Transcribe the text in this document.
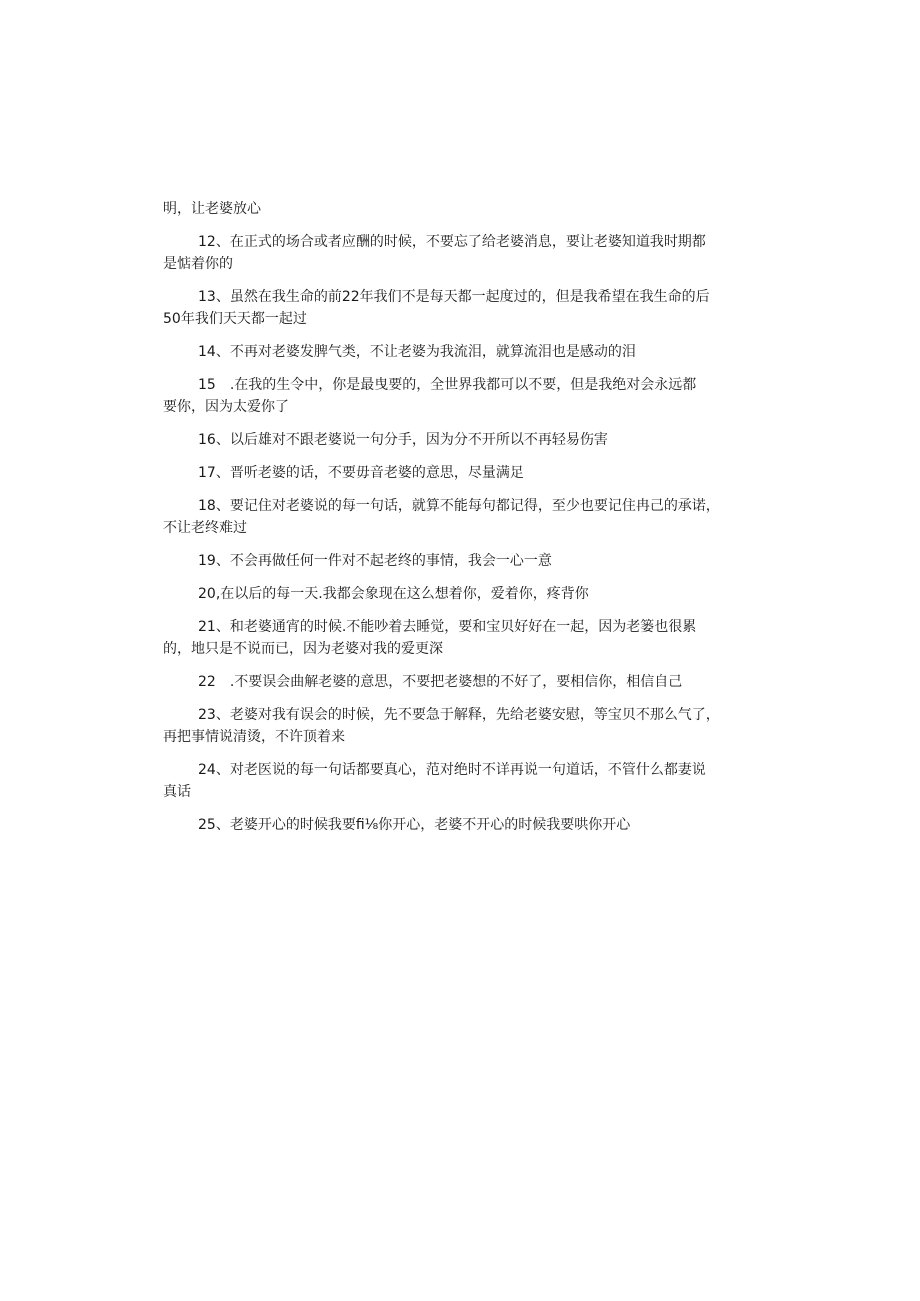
明，让老婆放心

12、在正式的场合或者应酬的时候，不要忘了给老婆消息，要让老婆知道我时期都

是惦着你的

13、虽然在我生命的前22年我们不是每天都一起度过的，但是我希望在我生命的后

50年我们天天都一起过

14、不再对老婆发脾气类，不让老婆为我流泪，就算流泪也是感动的泪

15　.在我的生令中，你是最曳要的，全世界我都可以不要，但是我绝对会永远都

要你，因为太爱你了

16、以后雄对不跟老婆说一句分手，因为分不开所以不再轻易伤害

17、晋听老婆的话，不要毋音老婆的意思，尽量满足

18、要记住对老婆说的每一句话，就算不能每句都记得，至少也要记住冉己的承诺，

不让老终难过

19、不会再做任何一件对不起老终的事情，我会一心一意

20,在以后的每一天.我都会象现在这么想着你，爱着你，疼背你

21、和老婆通宵的时候.不能吵着去睡觉，要和宝贝好好在一起，因为老篓也很累

的，地只是不说而已，因为老婆对我的爱更深

22　.不要误会曲解老婆的意思，不要把老婆想的不好了，要相信你，相信自己

23、老婆对我有误会的时候，先不要急于解释，先给老婆安慰，等宝贝不那么气了，

再把事情说清烫，不许顶着来

24、对老医说的每一句话都要真心，范对绝时不详再说一句道话，不管什么都妻说

真话

25、老婆开心的时候我要fi⅛你开心，老婆不开心的时候我要哄你开心
